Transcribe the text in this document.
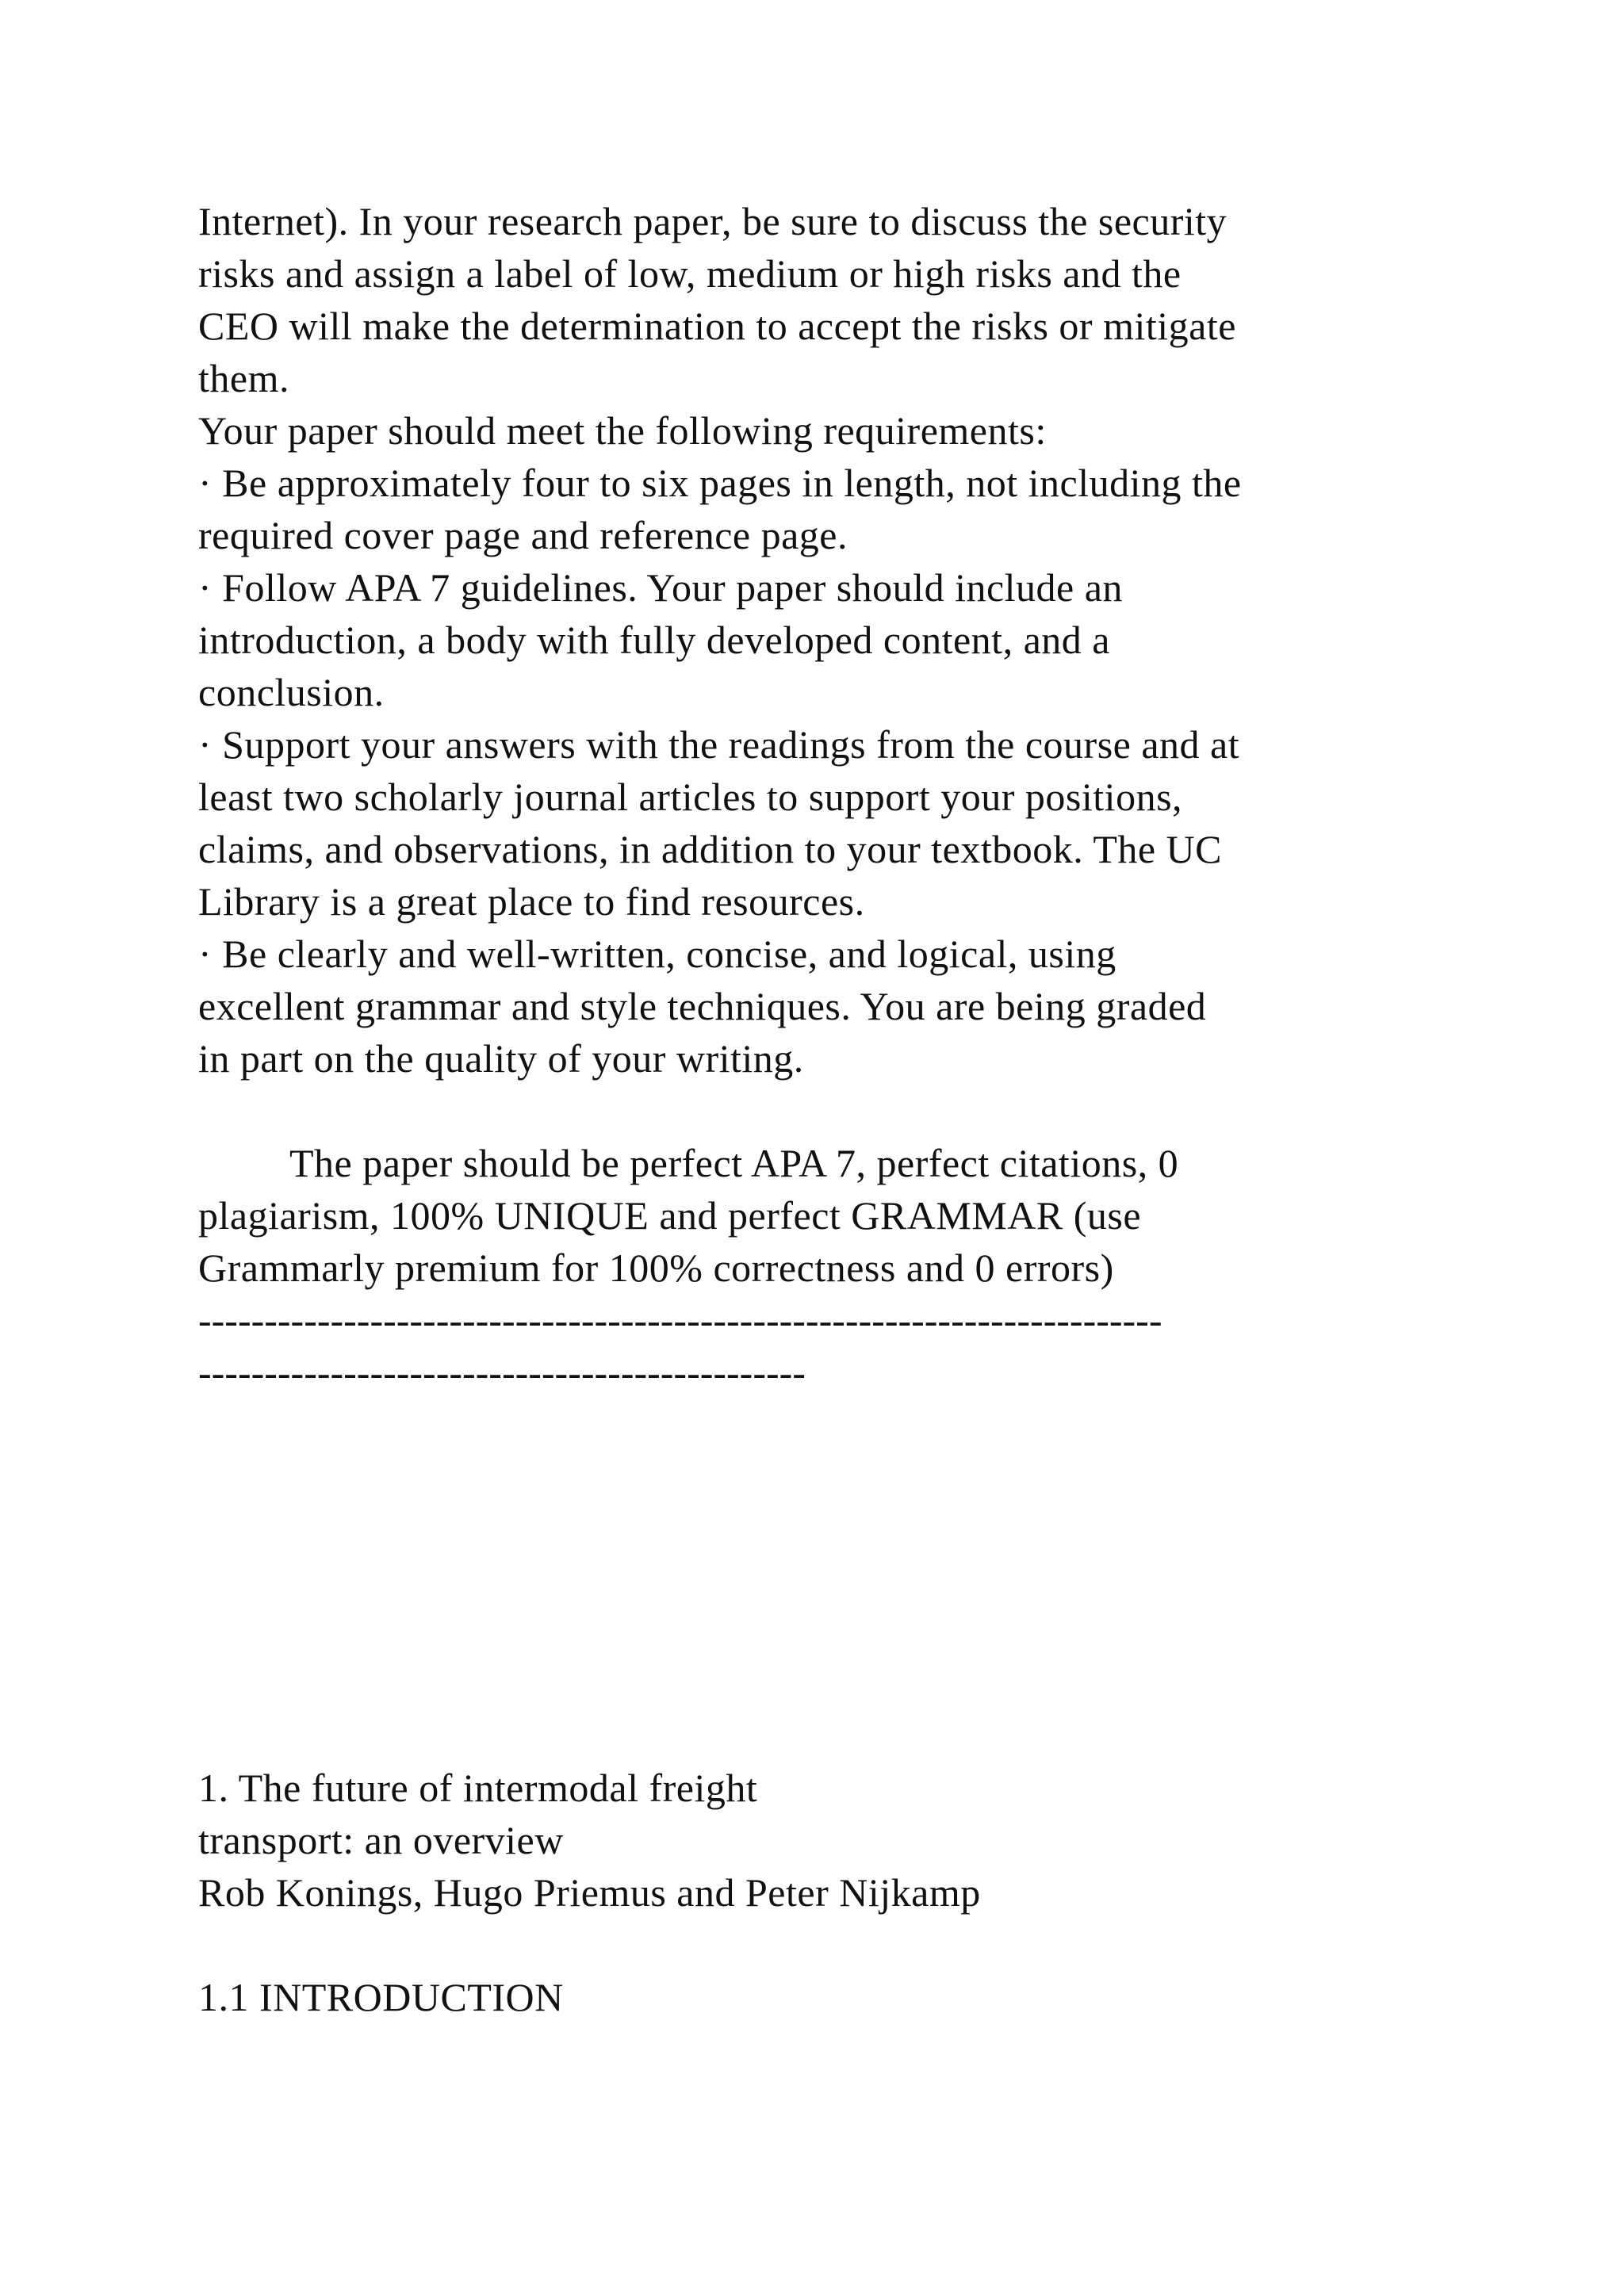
Internet). In your research paper, be sure to discuss the security
risks and assign a label of low, medium or high risks and the
CEO will make the determination to accept the risks or mitigate
them.
Your paper should meet the following requirements:
· Be approximately four to six pages in length, not including the
required cover page and reference page.
· Follow APA 7 guidelines. Your paper should include an
introduction, a body with fully developed content, and a
conclusion.
· Support your answers with the readings from the course and at
least two scholarly journal articles to support your positions,
claims, and observations, in addition to your textbook. The UC
Library is a great place to find resources.
· Be clearly and well-written, concise, and logical, using
excellent grammar and style techniques. You are being graded
in part on the quality of your writing.
The paper should be perfect APA 7, perfect citations, 0
plagiarism, 100% UNIQUE and perfect GRAMMAR (use
Grammarly premium for 100% correctness and 0 errors)
-------------------------------------------------------------------------
----------------------------------------------
1. The future of intermodal freight
transport: an overview
Rob Konings, Hugo Priemus and Peter Nijkamp
1.1 INTRODUCTION
